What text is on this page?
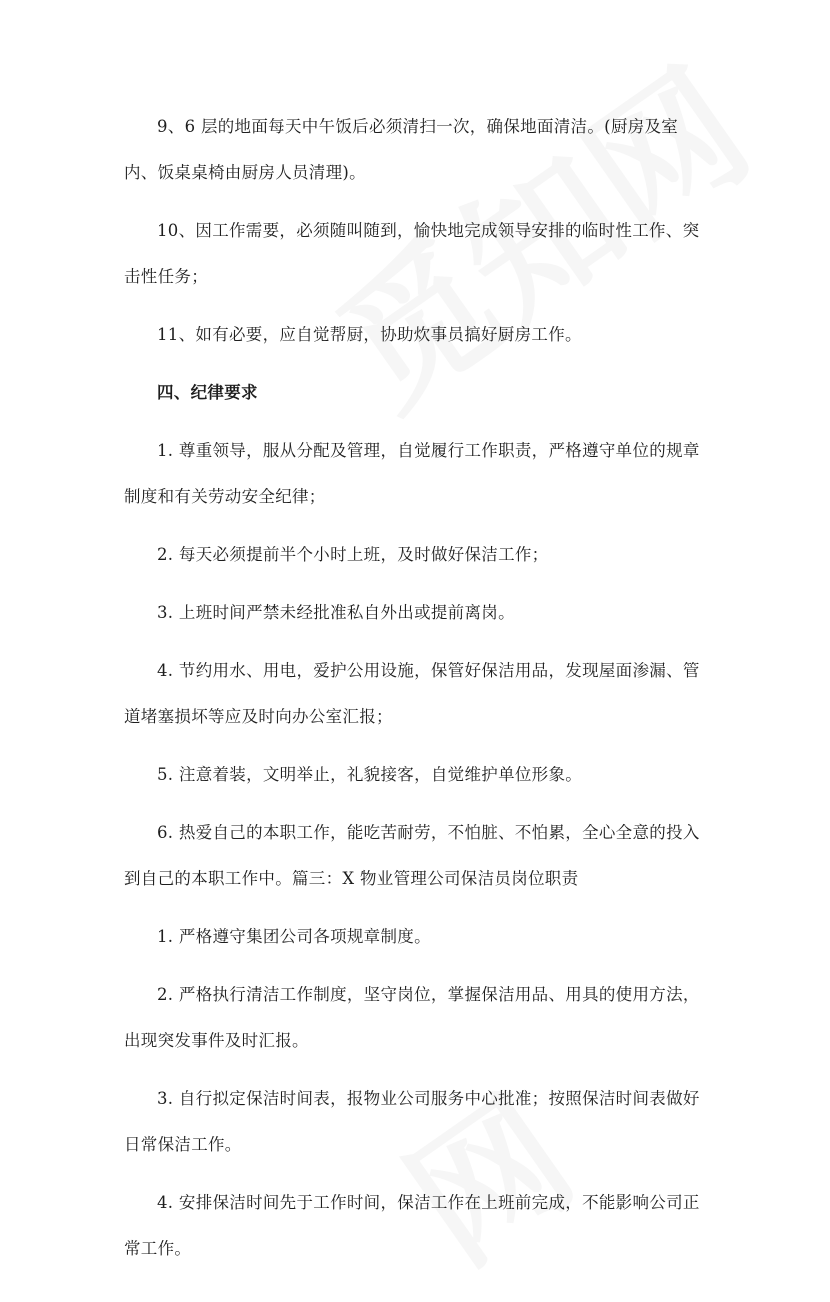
9、6 层的地面每天中午饭后必须清扫一次，确保地面清洁。(厨房及室内、饭桌桌椅由厨房人员清理)。

10、因工作需要，必须随叫随到，愉快地完成领导安排的临时性工作、突击性任务；

11、如有必要，应自觉帮厨，协助炊事员搞好厨房工作。

四、纪律要求

1. 尊重领导，服从分配及管理，自觉履行工作职责，严格遵守单位的规章制度和有关劳动安全纪律；

2. 每天必须提前半个小时上班，及时做好保洁工作；

3. 上班时间严禁未经批准私自外出或提前离岗。

4. 节约用水、用电，爱护公用设施，保管好保洁用品，发现屋面渗漏、管道堵塞损坏等应及时向办公室汇报；

5. 注意着装，文明举止，礼貌接客，自觉维护单位形象。

6. 热爱自己的本职工作，能吃苦耐劳，不怕脏、不怕累，全心全意的投入到自己的本职工作中。篇三：X 物业管理公司保洁员岗位职责

1. 严格遵守集团公司各项规章制度。

2. 严格执行清洁工作制度，坚守岗位，掌握保洁用品、用具的使用方法，出现突发事件及时汇报。

3. 自行拟定保洁时间表，报物业公司服务中心批准；按照保洁时间表做好日常保洁工作。

4. 安排保洁时间先于工作时间，保洁工作在上班前完成，不能影响公司正常工作。
